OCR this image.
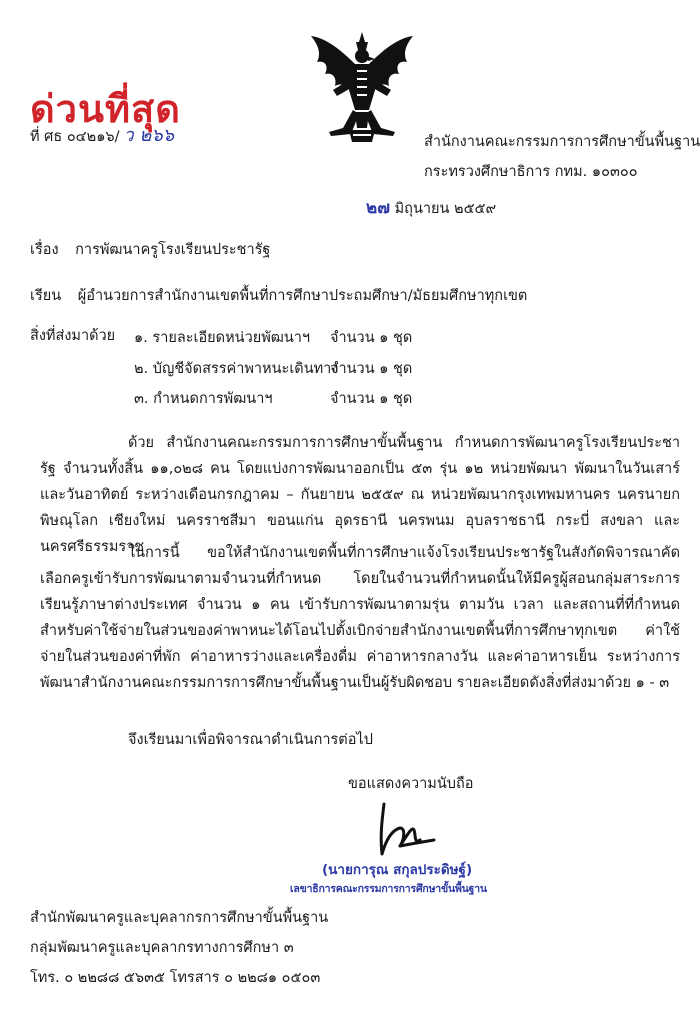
ด่วนที่สุด
ที่ ศธ ๐๔๒๑๖/ ว ๒๖๖	สำนักงานคณะกรรมการการศึกษาขั้นพื้นฐาน
กระทรวงศึกษาธิการ กทม. ๑๐๓๐๐
๒๗ มิถุนายน ๒๕๕๙
เรื่อง การพัฒนาครูโรงเรียนประชารัฐ
เรียน ผู้อำนวยการสำนักงานเขตพื้นที่การศึกษาประถมศึกษา/มัธยมศึกษาทุกเขต
สิ่งที่ส่งมาด้วย ๑. รายละเอียดหน่วยพัฒนาฯ จำนวน ๑ ชุด
๒. บัญชีจัดสรรค่าพาหนะเดินทาง
จำนวน ๑ ชุด
๓. กำหนดการพัฒนาฯ	จำนวน ๑ ชุด
ด้วย สำนักงานคณะกรรมการการศึกษาขั้นพื้นฐาน กำหนดการพัฒนาครูโรงเรียนประชารัฐ จำนวนทั้งสิ้น ๑๑,๐๒๘ คน โดยแบ่งการพัฒนาออกเป็น ๕๓ รุ่น ๑๒ หน่วยพัฒนา พัฒนาในวันเสาร์และวันอาทิตย์ ระหว่างเดือนกรกฎาคม – กันยายน ๒๕๕๙ ณ หน่วยพัฒนากรุงเทพมหานคร นครนายก พิษณุโลก เชียงใหม่ นครราชสีมา ขอนแก่น อุดรธานี นครพนม อุบลราชธานี กระบี่ สงขลา และนครศรีธรรมราช
ในการนี้ ขอให้สำนักงานเขตพื้นที่การศึกษาแจ้งโรงเรียนประชารัฐในสังกัดพิจารณาคัดเลือกครูเข้ารับการพัฒนาตามจำนวนที่กำหนด โดยในจำนวนที่กำหนดนั้นให้มีครูผู้สอนกลุ่มสาระการเรียนรู้ภาษาต่างประเทศ จำนวน ๑ คน เข้ารับการพัฒนาตามรุ่น ตามวัน เวลา และสถานที่ที่กำหนด สำหรับค่าใช้จ่ายในส่วนของค่าพาหนะได้โอนไปตั้งเบิกจ่ายสำนักงานเขตพื้นที่การศึกษาทุกเขต ค่าใช้จ่ายในส่วนของค่าที่พัก ค่าอาหารว่างและเครื่องดื่ม ค่าอาหารกลางวัน และค่าอาหารเย็น ระหว่างการพัฒนาสำนักงานคณะกรรมการการศึกษาขั้นพื้นฐานเป็นผู้รับผิดชอบ รายละเอียดดังสิ่งที่ส่งมาด้วย ๑ - ๓
จึงเรียนมาเพื่อพิจารณาดำเนินการต่อไป
ขอแสดงความนับถือ
(นายการุณ สกุลประดิษฐ์)
เลขาธิการคณะกรรมการการศึกษาขั้นพื้นฐาน
สำนักพัฒนาครูและบุคลากรการศึกษาขั้นพื้นฐาน
กลุ่มพัฒนาครูและบุคลากรทางการศึกษา ๓
โทร. ๐ ๒๒๘๘ ๕๖๓๕ โทรสาร ๐ ๒๒๘๑ ๐๕๐๓
